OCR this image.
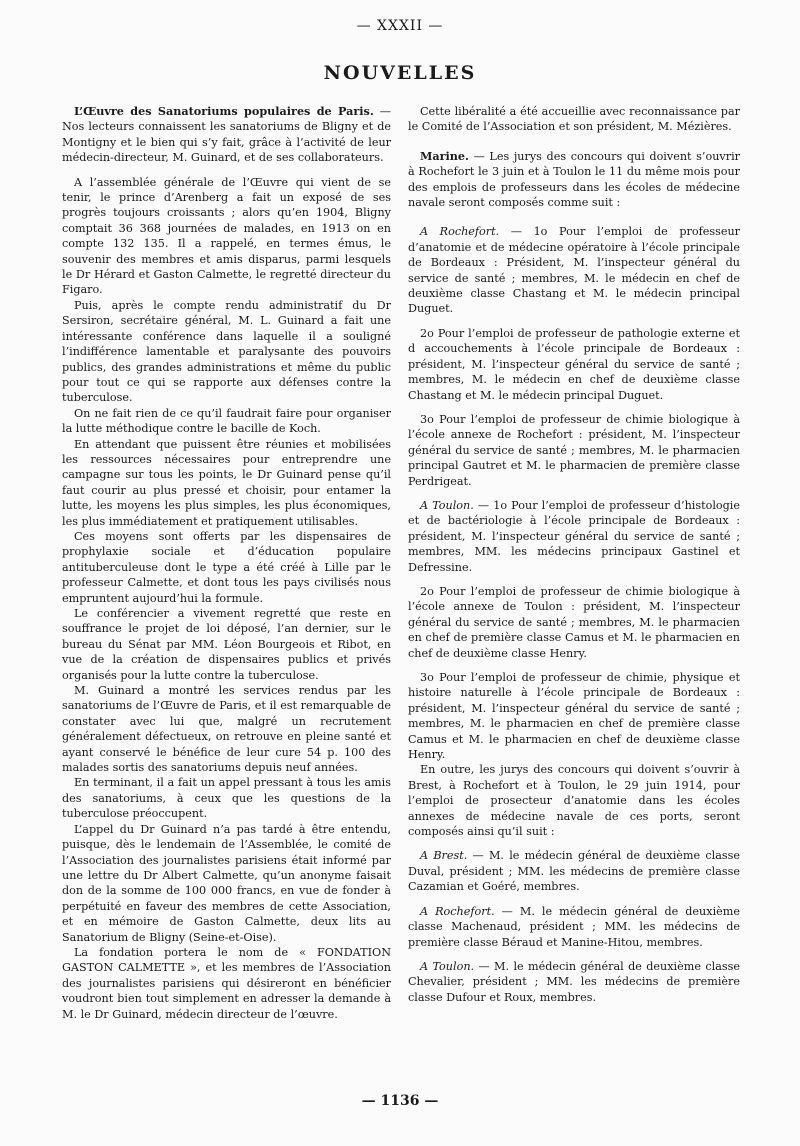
— XXXII —
NOUVELLES

L’Œuvre des Sanatoriums populaires de Paris. — Nos lecteurs connaissent les sanatoriums de Bligny et de Montigny et le bien qui s’y fait, grâce à l’activité de leur médecin-directeur, M. Guinard, et de ses collaborateurs.

A l’assemblée générale de l’Œuvre qui vient de se tenir, le prince d’Arenberg a fait un exposé de ses progrès toujours croissants ; alors qu’en 1904, Bligny comptait 36 368 journées de malades, en 1913 on en compte 132 135. Il a rappelé, en termes émus, le souvenir des membres et amis disparus, parmi lesquels le Dr Hérard et Gaston Calmette, le regretté directeur du Figaro.

Puis, après le compte rendu administratif du Dr Sersiron, secrétaire général, M. L. Guinard a fait une intéressante conférence dans laquelle il a souligné l’indifférence lamentable et paralysante des pouvoirs publics, des grandes administrations et même du public pour tout ce qui se rapporte aux défenses contre la tuberculose.

On ne fait rien de ce qu’il faudrait faire pour organiser la lutte méthodique contre le bacille de Koch.

En attendant que puissent être réunies et mobilisées les ressources nécessaires pour entreprendre une campagne sur tous les points, le Dr Guinard pense qu’il faut courir au plus pressé et choisir, pour entamer la lutte, les moyens les plus simples, les plus économiques, les plus immédiatement et pratiquement utilisables.

Ces moyens sont offerts par les dispensaires de prophylaxie sociale et d’éducation populaire antituberculeuse dont le type a été créé à Lille par le professeur Calmette, et dont tous les pays civilisés nous empruntent aujourd’hui la formule.

Le conférencier a vivement regretté que reste en souffrance le projet de loi déposé, l’an dernier, sur le bureau du Sénat par MM. Léon Bourgeois et Ribot, en vue de la création de dispensaires publics et privés organisés pour la lutte contre la tuberculose.

M. Guinard a montré les services rendus par les sanatoriums de l’Œuvre de Paris, et il est remarquable de constater avec lui que, malgré un recrutement généralement défectueux, on retrouve en pleine santé et ayant conservé le bénéfice de leur cure 54 p. 100 des malades sortis des sanatoriums depuis neuf années.

En terminant, il a fait un appel pressant à tous les amis des sanatoriums, à ceux que les questions de la tuberculose préoccupent.

L’appel du Dr Guinard n’a pas tardé à être entendu, puisque, dès le lendemain de l’Assemblée, le comité de l’Association des journalistes parisiens était informé par une lettre du Dr Albert Calmette, qu’un anonyme faisait don de la somme de 100 000 francs, en vue de fonder à perpétuité en faveur des membres de cette Association, et en mémoire de Gaston Calmette, deux lits au Sanatorium de Bligny (Seine-et-Oise).

La fondation portera le nom de « FONDATION GASTON CALMETTE », et les membres de l’Association des journalistes parisiens qui désireront en bénéficier voudront bien tout simplement en adresser la demande à M. le Dr Guinard, médecin directeur de l’œuvre.

Cette libéralité a été accueillie avec reconnaissance par le Comité de l’Association et son président, M. Mézières.

Marine. — Les jurys des concours qui doivent s’ouvrir à Rochefort le 3 juin et à Toulon le 11 du même mois pour des emplois de professeurs dans les écoles de médecine navale seront composés comme suit :

A Rochefort. — 1o Pour l’emploi de professeur d’anatomie et de médecine opératoire à l’école principale de Bordeaux : Président, M. l’inspecteur général du service de santé ; membres, M. le médecin en chef de deuxième classe Chastang et M. le médecin principal Duguet.

2o Pour l’emploi de professeur de pathologie externe et d accouchements à l’école principale de Bordeaux : président, M. l’inspecteur général du service de santé ; membres, M. le médecin en chef de deuxième classe Chastang et M. le médecin principal Duguet.

3o Pour l’emploi de professeur de chimie biologique à l’école annexe de Rochefort : président, M. l’inspecteur général du service de santé ; membres, M. le pharmacien principal Gautret et M. le pharmacien de première classe Perdrigeat.

A Toulon. — 1o Pour l’emploi de professeur d’histologie et de bactériologie à l’école principale de Bordeaux : président, M. l’inspecteur général du service de santé ; membres, MM. les médecins principaux Gastinel et Defressine.

2o Pour l’emploi de professeur de chimie biologique à l’école annexe de Toulon : président, M. l’inspecteur général du service de santé ; membres, M. le pharmacien en chef de première classe Camus et M. le pharmacien en chef de deuxième classe Henry.

3o Pour l’emploi de professeur de chimie, physique et histoire naturelle à l’école principale de Bordeaux : président, M. l’inspecteur général du service de santé ; membres, M. le pharmacien en chef de première classe Camus et M. le pharmacien en chef de deuxième classe Henry.

En outre, les jurys des concours qui doivent s’ouvrir à Brest, à Rochefort et à Toulon, le 29 juin 1914, pour l’emploi de prosecteur d’anatomie dans les écoles annexes de médecine navale de ces ports, seront composés ainsi qu’il suit :

A Brest. — M. le médecin général de deuxième classe Duval, président ; MM. les médecins de première classe Cazamian et Goéré, membres.

A Rochefort. — M. le médecin général de deuxième classe Machenaud, président ; MM. les médecins de première classe Béraud et Manine-Hitou, membres.

A Toulon. — M. le médecin général de deuxième classe Chevalier, président ; MM. les médecins de première classe Dufour et Roux, membres.

— 1136 —
